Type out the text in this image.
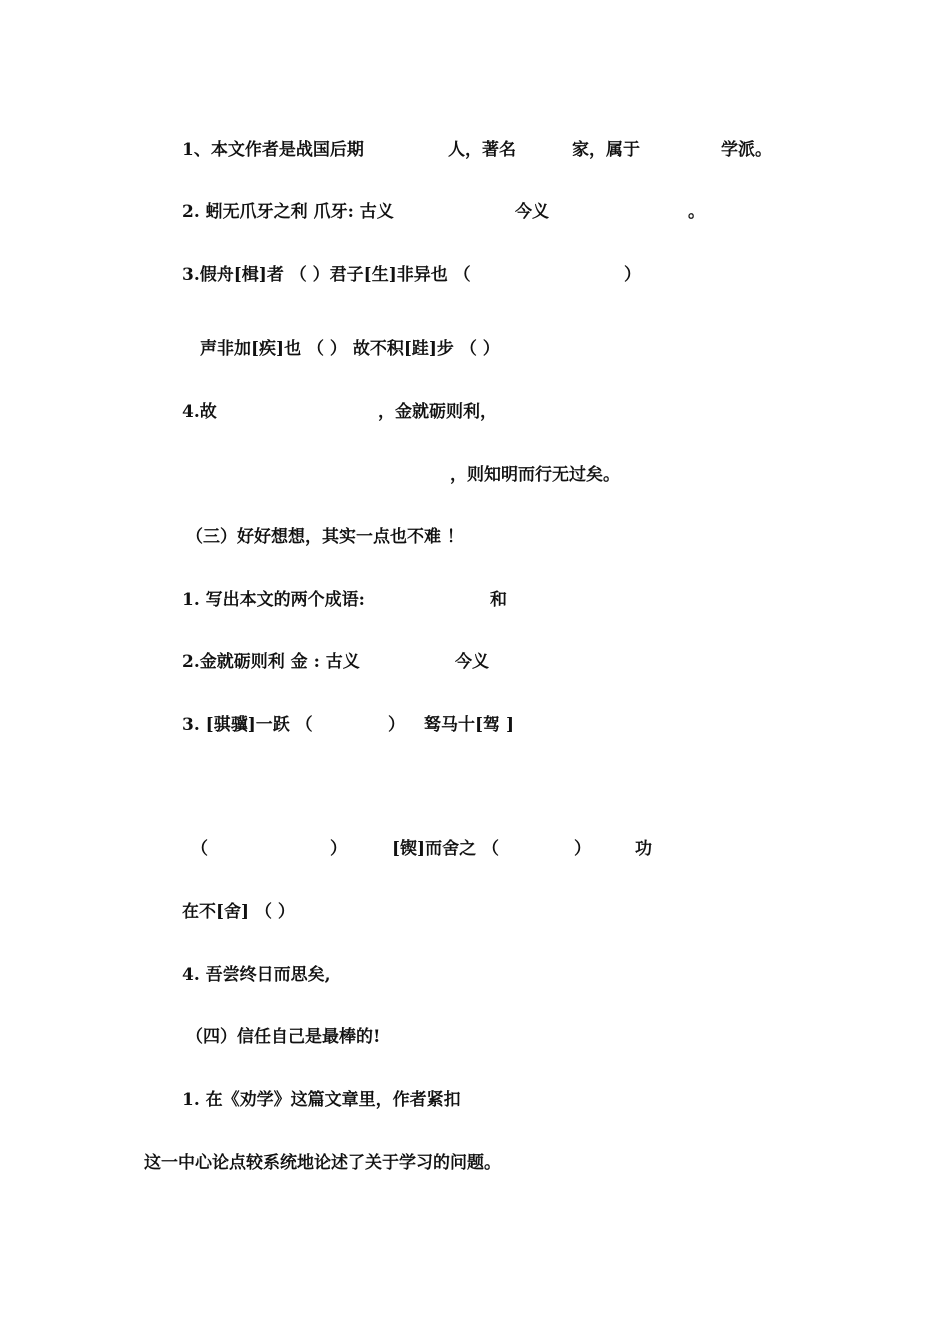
1、本文作者是战国后期	人，著名	家，属于	学派。
2. 蚓无爪牙之利 爪牙: 古义	今义	。
3.假舟[楫]者 （ ）君子[生]非异也 （	）
声非加[疾]也 （ ） 故不积[跬]步 （ ）
4.故	，金就砺则利，
，则知明而行无过矣。
（三）好好想想，其实一点也不难 ！
1. 写出本文的两个成语:	和
2.金就砺则利 金 : 古义	今义
3. [骐骥]一跃 （	） 驽马十[驾 ]
（	）	[锲]而舍之 （	）	功
在不[舍] （ ）
4. 吾尝终日而思矣,
（四）信任自己是最棒的!
1. 在《劝学》这篇文章里，作者紧扣
这一中心论点较系统地论述了关于学习的问题。
